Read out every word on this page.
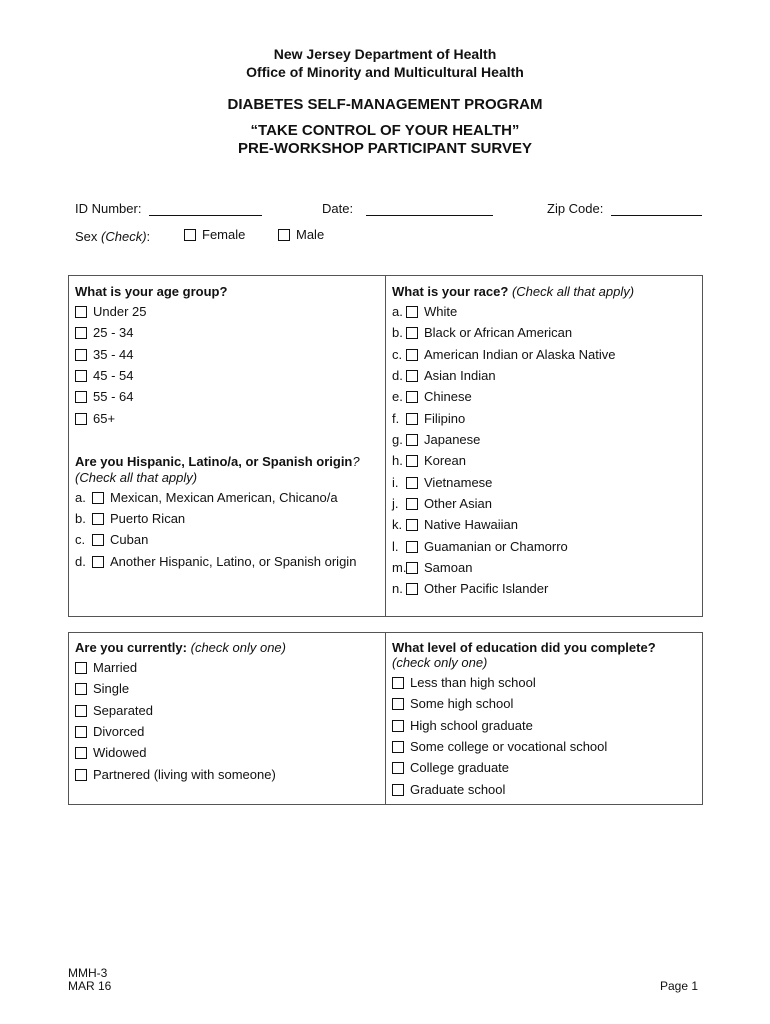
New Jersey Department of Health
Office of Minority and Multicultural Health
DIABETES SELF-MANAGEMENT PROGRAM
“TAKE CONTROL OF YOUR HEALTH”
PRE-WORKSHOP PARTICIPANT SURVEY
ID Number:	Date:	Zip Code:
Sex (Check):	Female	Male
What is your age group?
Under 25
25 - 34
35 - 44
45 - 54
55 - 64
65+
Are you Hispanic, Latino/a, or Spanish origin?
(Check all that apply)
a. Mexican, Mexican American, Chicano/a
b. Puerto Rican
c. Cuban
d. Another Hispanic, Latino, or Spanish origin
What is your race? (Check all that apply)
a. White
b. Black or African American
c. American Indian or Alaska Native
d. Asian Indian
e. Chinese
f. Filipino
g. Japanese
h. Korean
i. Vietnamese
j. Other Asian
k. Native Hawaiian
l. Guamanian or Chamorro
m. Samoan
n. Other Pacific Islander
Are you currently: (check only one)
Married
Single
Separated
Divorced
Widowed
Partnered (living with someone)
What level of education did you complete?
(check only one)
Less than high school
Some high school
High school graduate
Some college or vocational school
College graduate
Graduate school
MMH-3
MAR 16	Page 1
